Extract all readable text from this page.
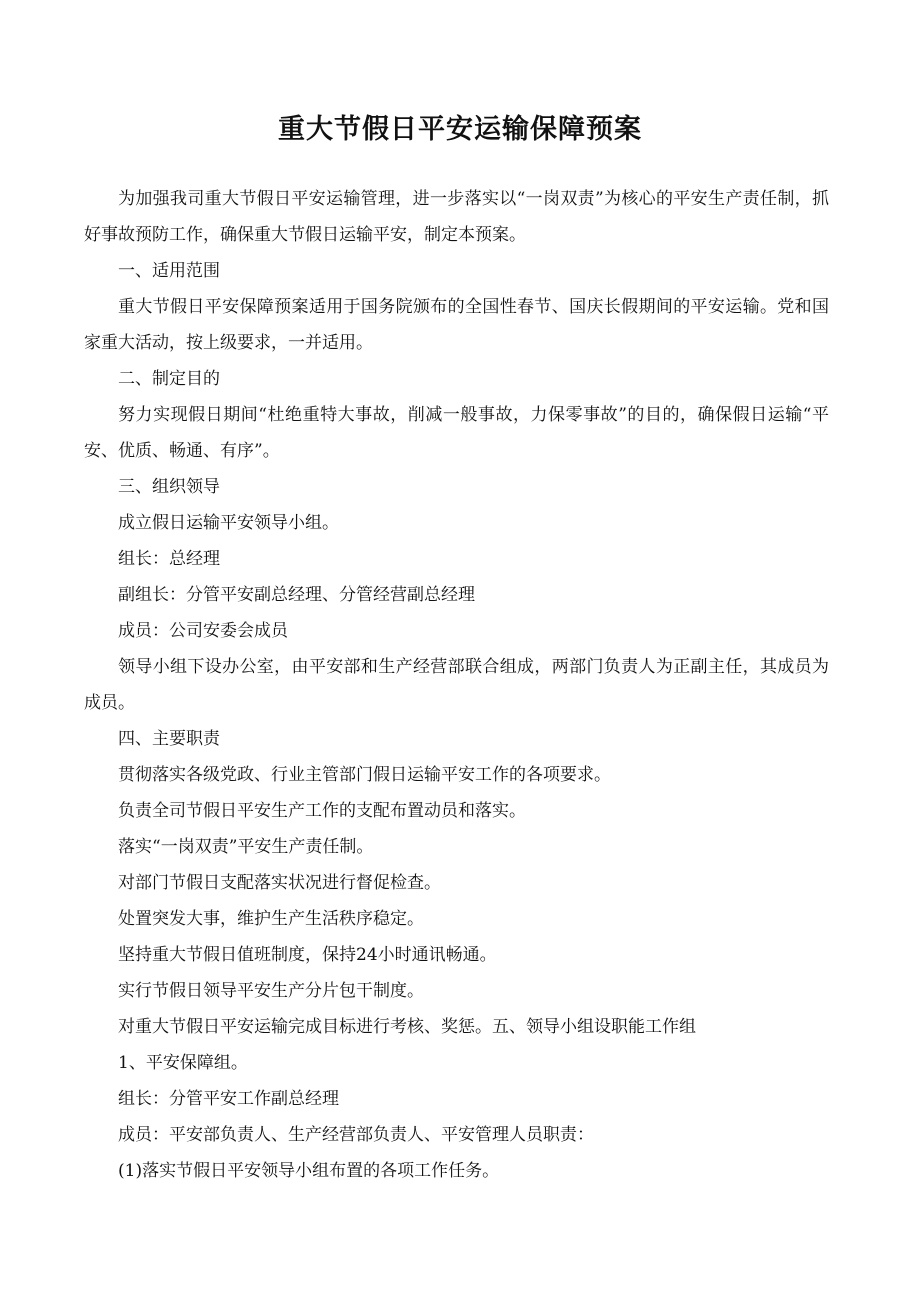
重大节假日平安运输保障预案

为加强我司重大节假日平安运输管理，进一步落实以“一岗双责”为核心的平安生产责任制，抓好事故预防工作，确保重大节假日运输平安，制定本预案。

一、适用范围

重大节假日平安保障预案适用于国务院颁布的全国性春节、国庆长假期间的平安运输。党和国家重大活动，按上级要求，一并适用。

二、制定目的

努力实现假日期间“杜绝重特大事故，削减一般事故，力保零事故”的目的，确保假日运输“平安、优质、畅通、有序”。

三、组织领导

成立假日运输平安领导小组。

组长：总经理

副组长：分管平安副总经理、分管经营副总经理

成员：公司安委会成员

领导小组下设办公室，由平安部和生产经营部联合组成，两部门负责人为正副主任，其成员为成员。

四、主要职责

贯彻落实各级党政、行业主管部门假日运输平安工作的各项要求。

负责全司节假日平安生产工作的支配布置动员和落实。

落实“一岗双责”平安生产责任制。

对部门节假日支配落实状况进行督促检查。

处置突发大事，维护生产生活秩序稳定。

坚持重大节假日值班制度，保持24小时通讯畅通。

实行节假日领导平安生产分片包干制度。

对重大节假日平安运输完成目标进行考核、奖惩。五、领导小组设职能工作组

1、平安保障组。

组长：分管平安工作副总经理

成员：平安部负责人、生产经营部负责人、平安管理人员职责：

(1)落实节假日平安领导小组布置的各项工作任务。
